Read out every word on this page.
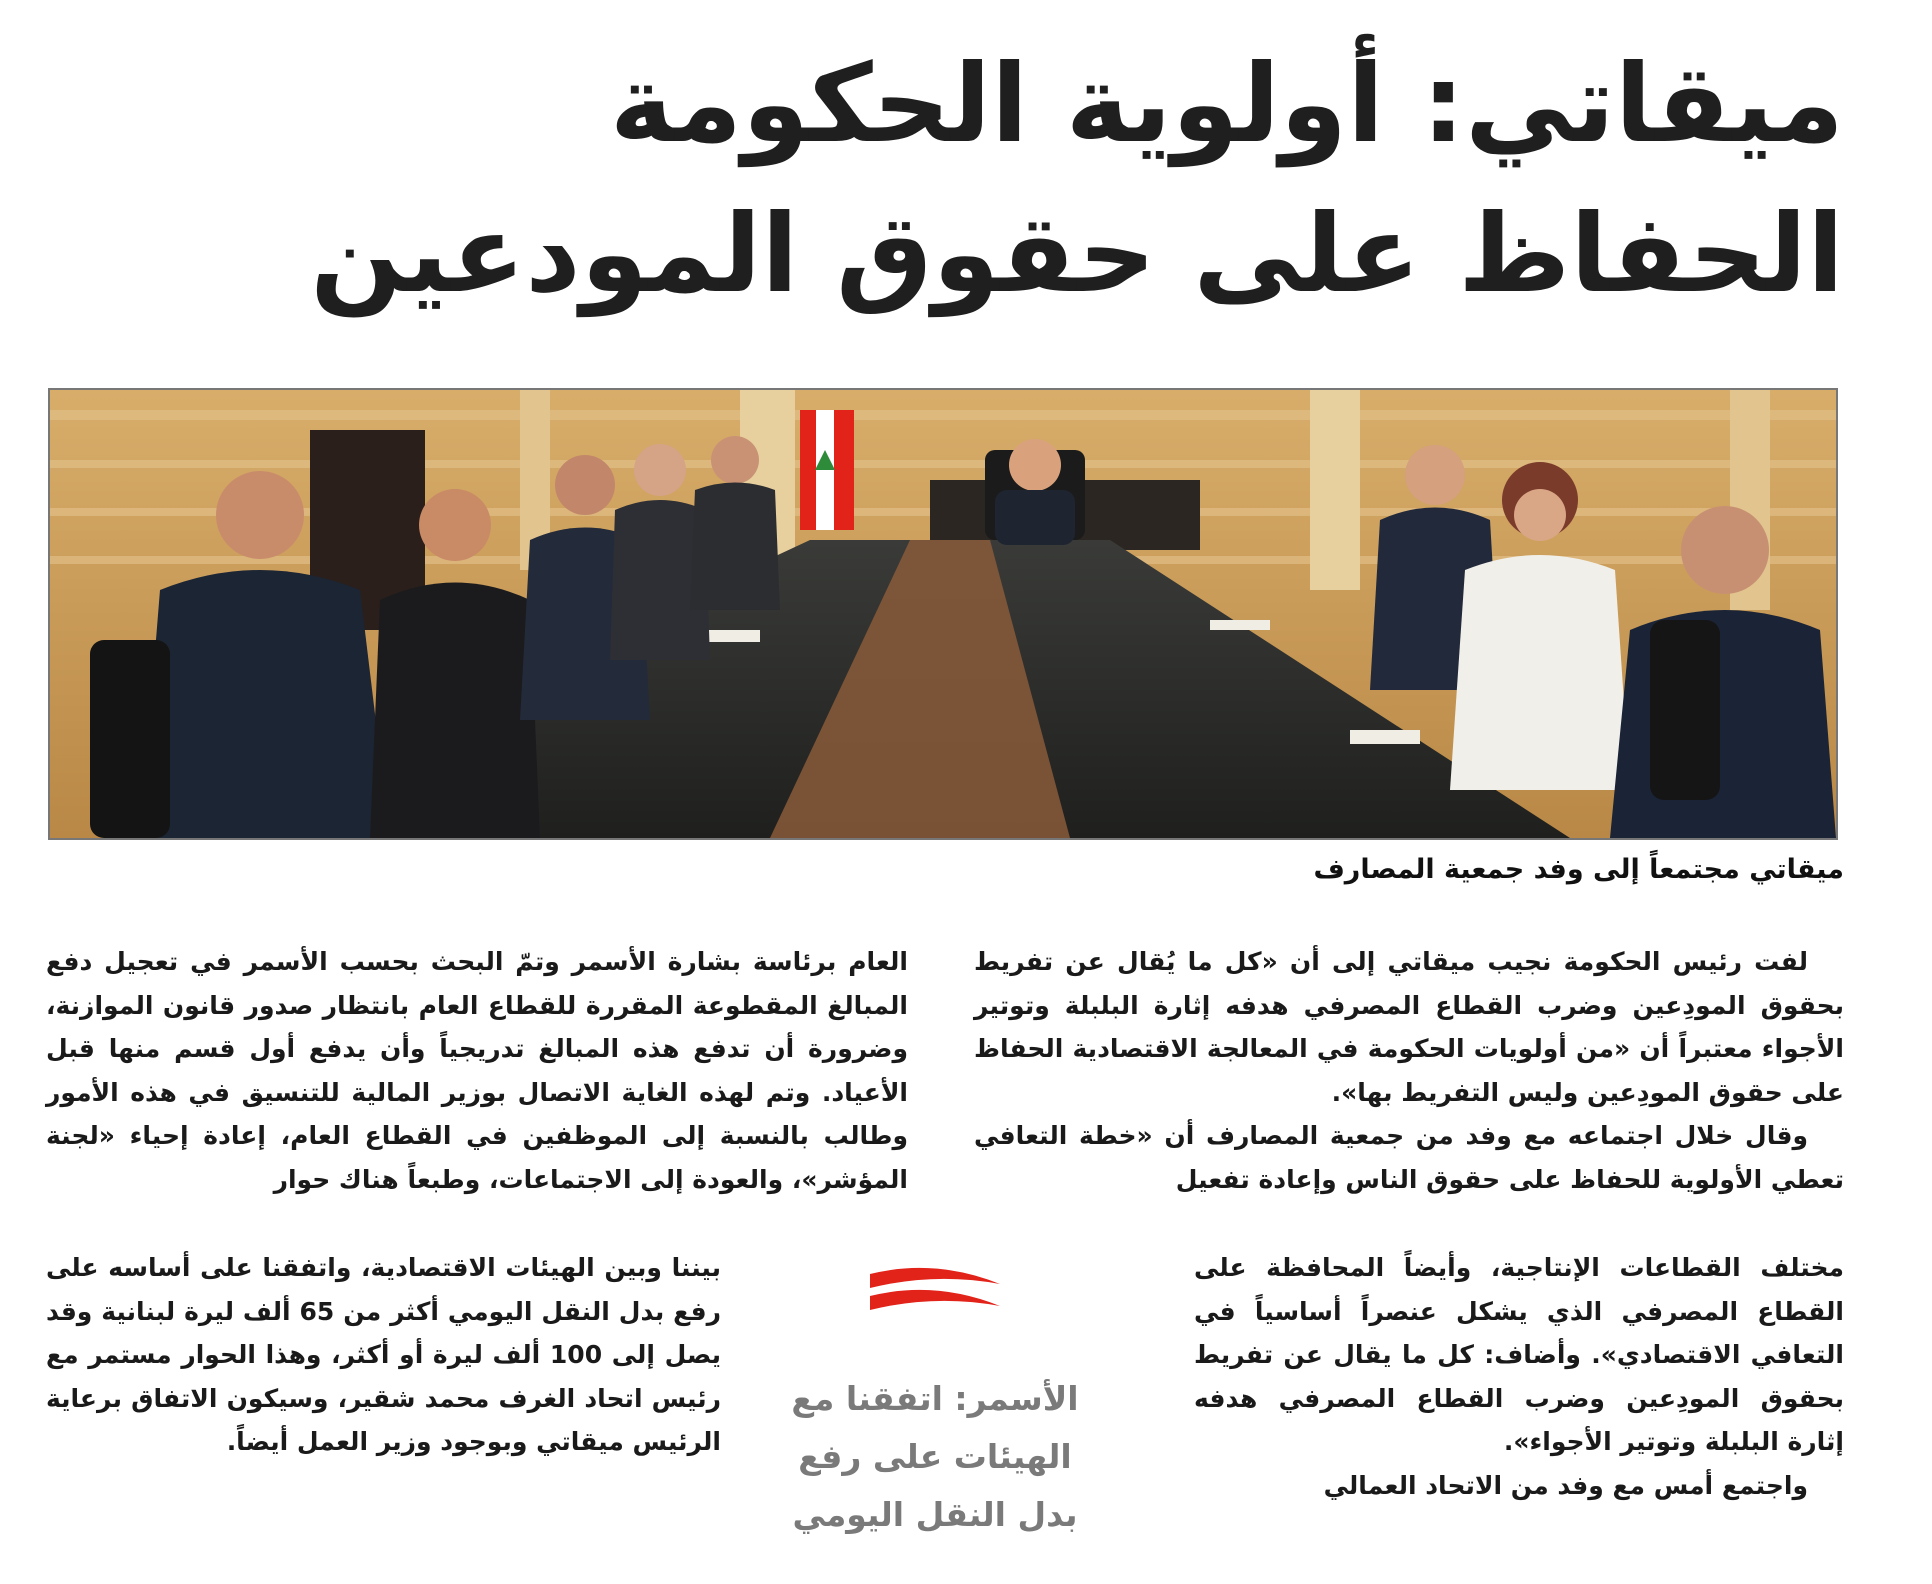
ميقاتي: أولوية الحكومة
الحفاظ على حقوق المودعين
ميقاتي مجتمعاً إلى وفد جمعية المصارف

لفت رئيس الحكومة نجيب ميقاتي إلى أن «كل ما يُقال عن تفريط بحقوق المودِعين وضرب القطاع المصرفي هدفه إثارة البلبلة وتوتير الأجواء معتبراً أن «من أولويات الحكومة في المعالجة الاقتصادية الحفاظ على حقوق المودِعين وليس التفريط بها».

وقال خلال اجتماعه مع وفد من جمعية المصارف أن «خطة التعافي تعطي الأولوية للحفاظ على حقوق الناس وإعادة تفعيل

مختلف القطاعات الإنتاجية، وأيضاً المحافظة على القطاع المصرفي الذي يشكل عنصراً أساسياً في التعافي الاقتصادي». وأضاف: كل ما يقال عن تفريط بحقوق المودِعين وضرب القطاع المصرفي هدفه إثارة البلبلة وتوتير الأجواء».

واجتمع أمس مع وفد من الاتحاد العمالي

العام برئاسة بشارة الأسمر وتمّ البحث بحسب الأسمر في تعجيل دفع المبالغ المقطوعة المقررة للقطاع العام بانتظار صدور قانون الموازنة، وضرورة أن تدفع هذه المبالغ تدريجياً وأن يدفع أول قسم منها قبل الأعياد. وتم لهذه الغاية الاتصال بوزير المالية للتنسيق في هذه الأمور وطالب بالنسبة إلى الموظفين في القطاع العام، إعادة إحياء «لجنة المؤشر»، والعودة إلى الاجتماعات، وطبعاً هناك حوار

بيننا وبين الهيئات الاقتصادية، واتفقنا على أساسه على رفع بدل النقل اليومي أكثر من 65 ألف ليرة لبنانية وقد يصل إلى 100 ألف ليرة أو أكثر، وهذا الحوار مستمر مع رئيس اتحاد الغرف محمد شقير، وسيكون الاتفاق برعاية الرئيس ميقاتي وبوجود وزير العمل أيضاً.

الأسمر: اتفقنا مع الهيئات على رفع بدل النقل اليومي
